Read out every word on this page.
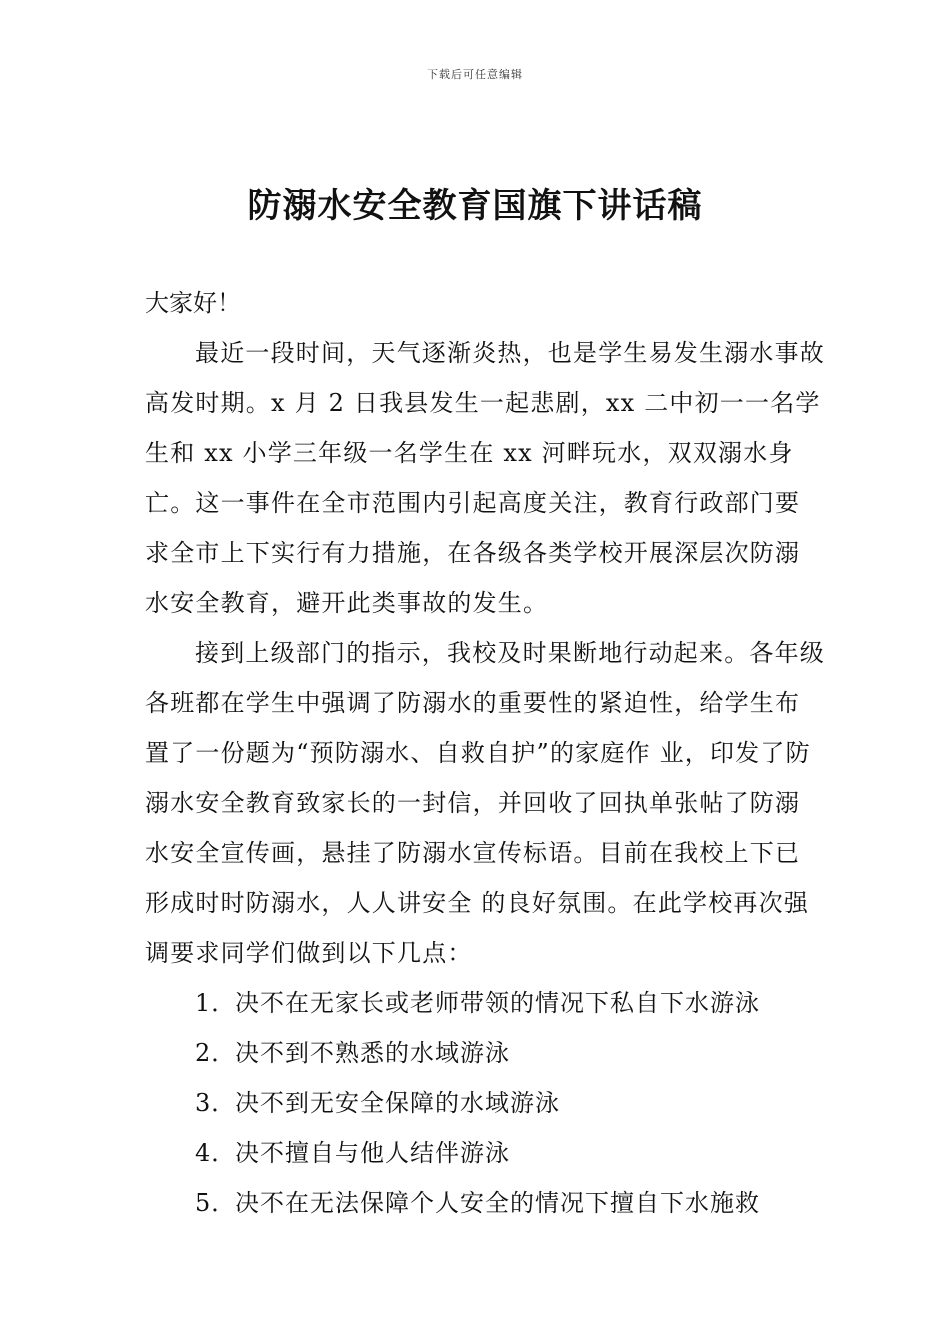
下载后可任意编辑
防溺水安全教育国旗下讲话稿

大家好！

最近一段时间，天气逐渐炎热，也是学生易发生溺水事故高发时期。x 月 2 日我县发生一起悲剧，xx 二中初一一名学生和 xx 小学三年级一名学生在 xx 河畔玩水，双双溺水身亡。这一事件在全市范围内引起高度关注，教育行政部门要求全市上下实行有力措施，在各级各类学校开展深层次防溺水安全教育，避开此类事故的发生。

接到上级部门的指示，我校及时果断地行动起来。各年级各班都在学生中强调了防溺水的重要性的紧迫性，给学生布置了一份题为“预防溺水、自救自护”的家庭作 业，印发了防溺水安全教育致家长的一封信，并回收了回执单张帖了防溺水安全宣传画，悬挂了防溺水宣传标语。目前在我校上下已形成时时防溺水，人人讲安全 的良好氛围。在此学校再次强调要求同学们做到以下几点：

1．决不在无家长或老师带领的情况下私自下水游泳
2．决不到不熟悉的水域游泳
3．决不到无安全保障的水域游泳
4．决不擅自与他人结伴游泳
5．决不在无法保障个人安全的情况下擅自下水施救
